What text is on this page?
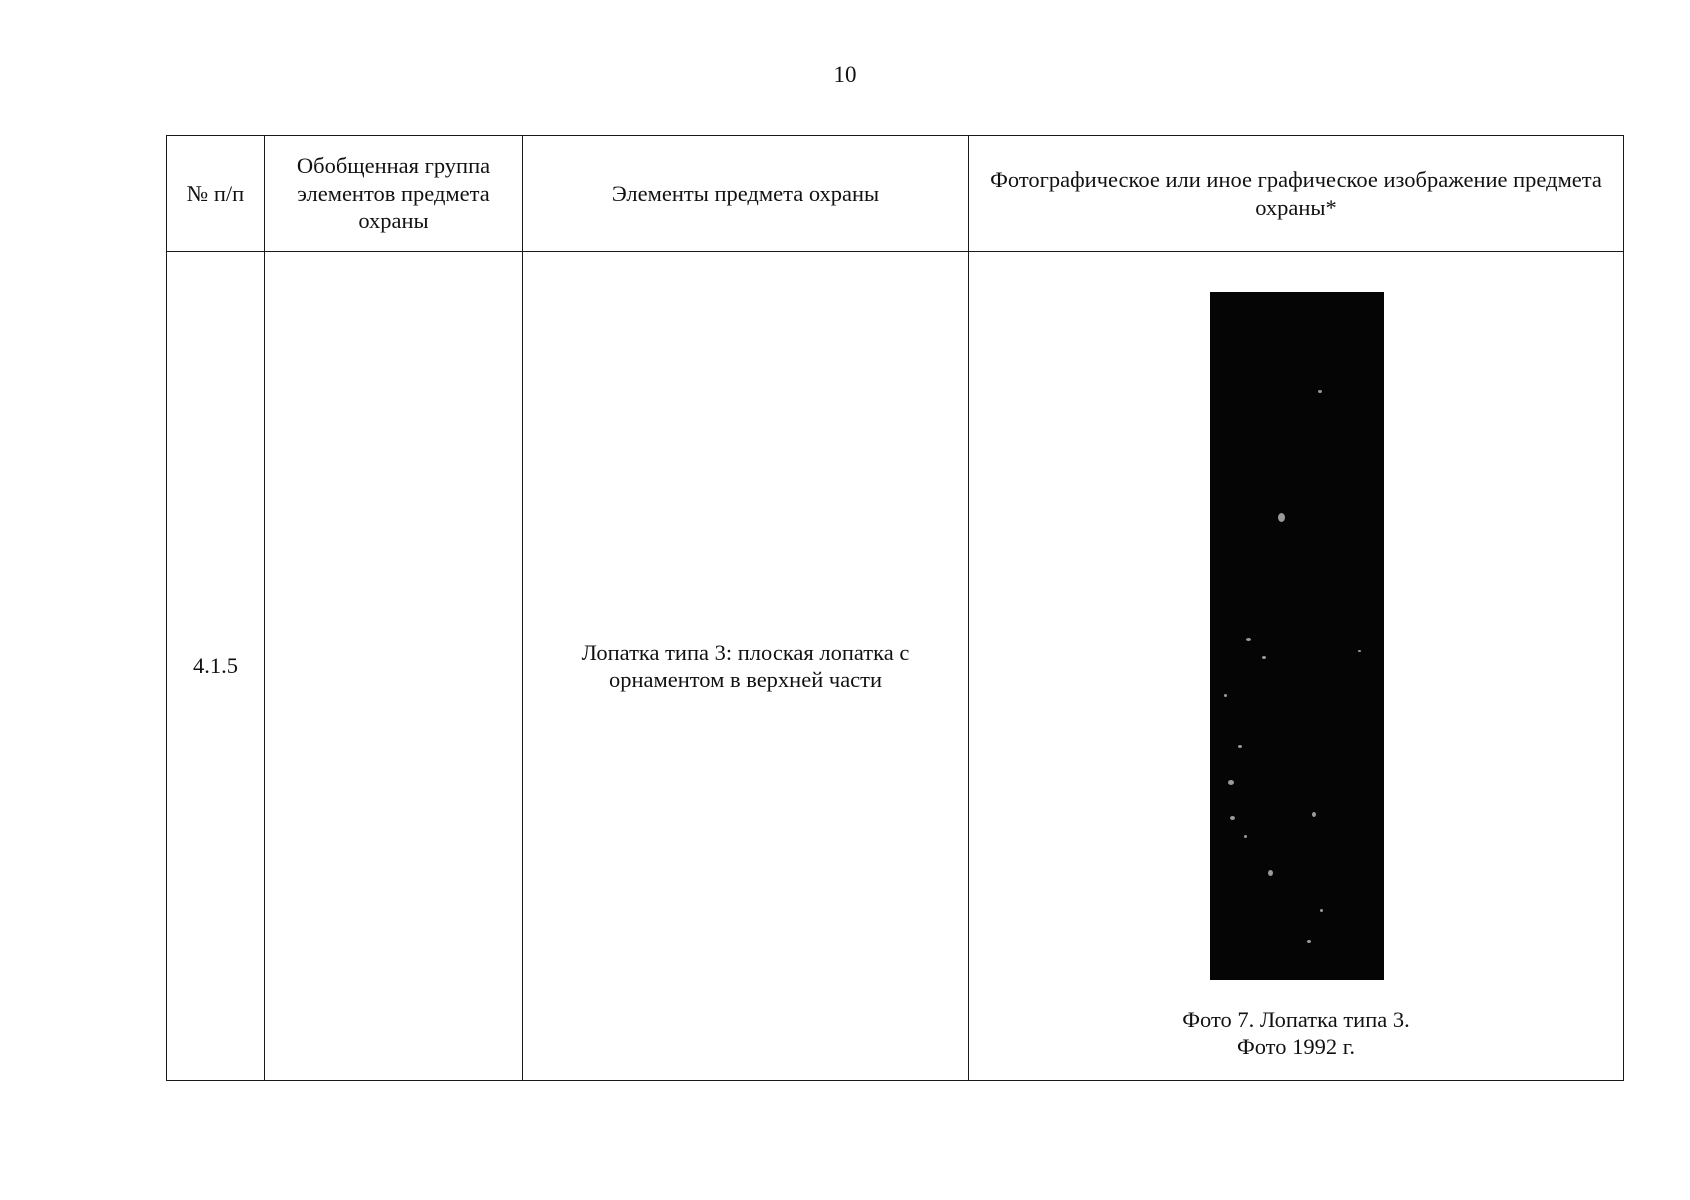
10
№ п/п	Обобщенная группа элементов предмета охраны	Элементы предмета охраны	Фотографическое или иное графическое изображение предмета охраны*
4.1.5		Лопатка типа 3: плоская лопатка с орнаментом в верхней части	Фото 7. Лопатка типа 3.
Фото 1992 г.
